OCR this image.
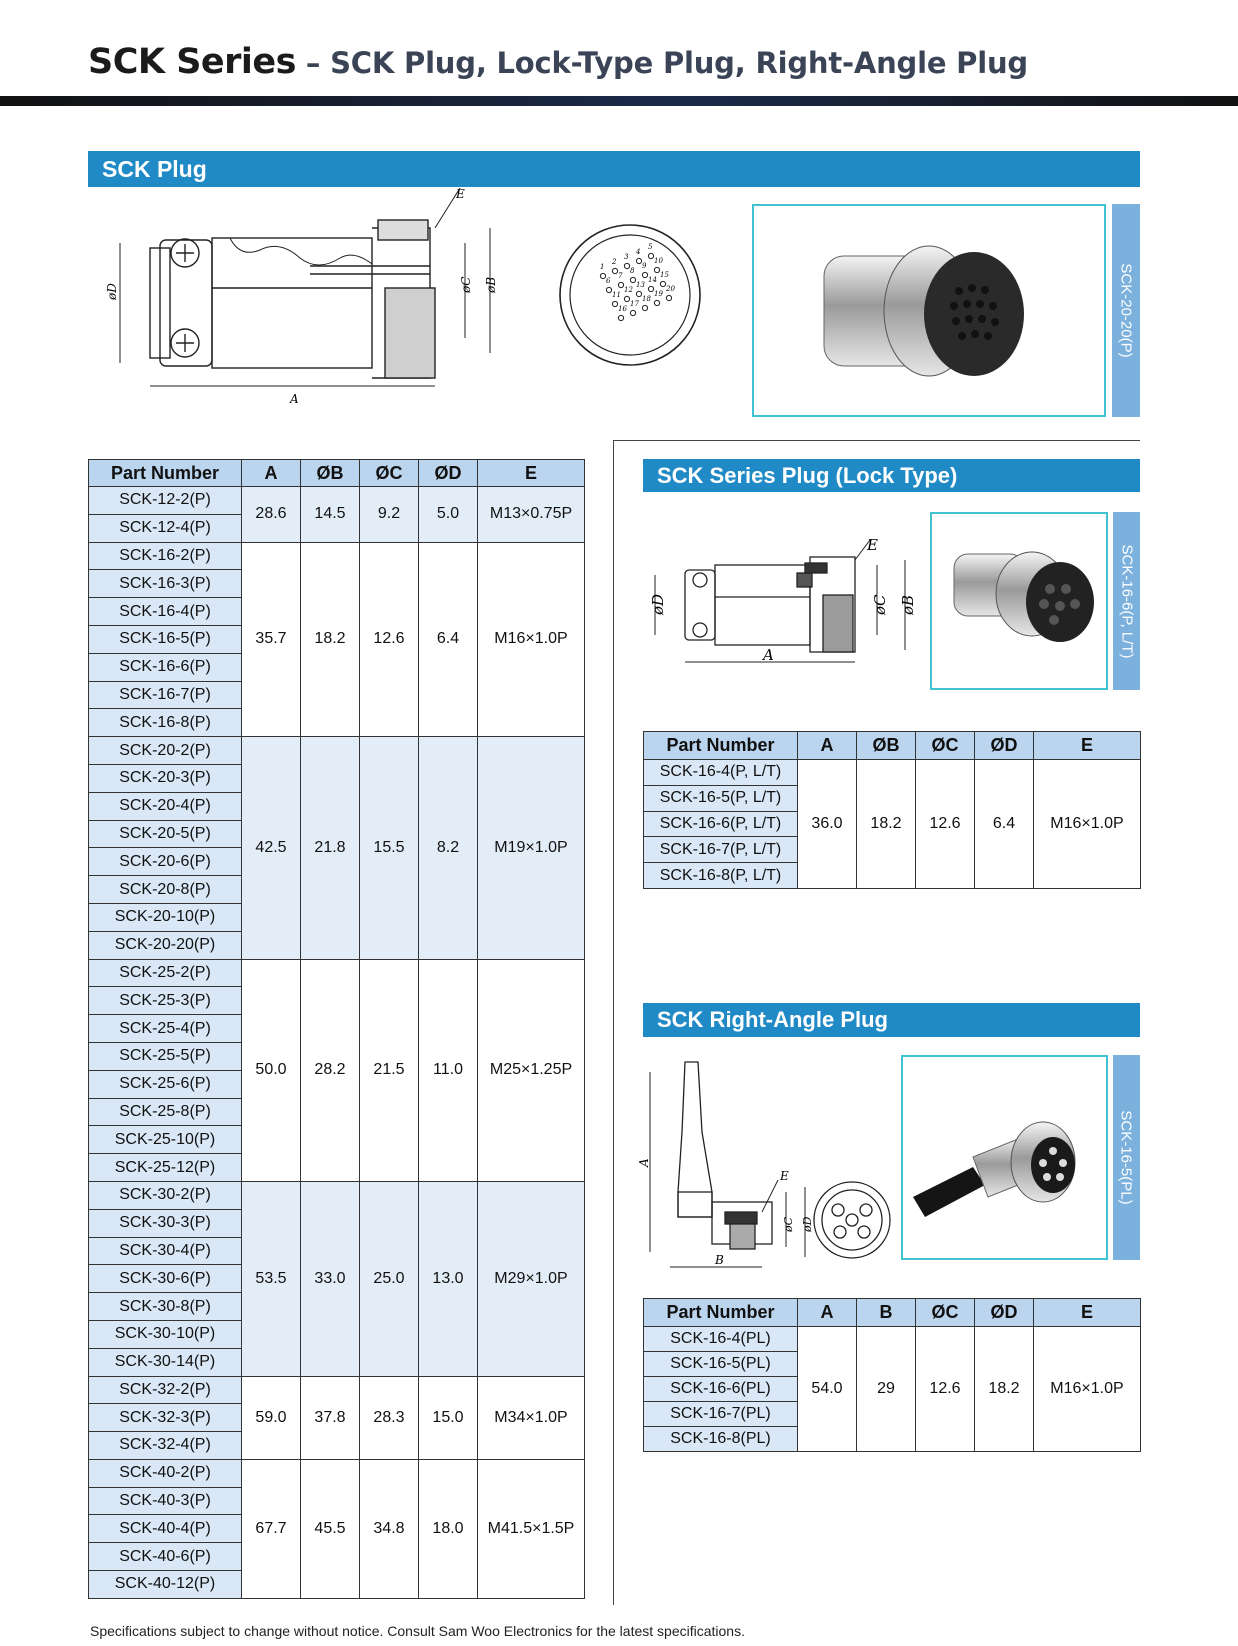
SCK Series – SCK Plug, Lock-Type Plug, Right-Angle Plug
SCK Plug
øD	øC øB
A
E
1
2
3
4
5
6
7
8
9
10
11
12
13
14
15
16
17
18
19
20	SCK-20-20(P)
Part Number	A	ØB	ØC	ØD	E
SCK-12-2(P)	28.6	14.5	9.2	5.0	M13×0.75P
SCK-12-4(P)					
SCK-16-2(P)	35.7	18.2	12.6	6.4	M16×1.0P
SCK-16-3(P)					
SCK-16-4(P)					
SCK-16-5(P)					
SCK-16-6(P)					
SCK-16-7(P)					
SCK-16-8(P)					
SCK-20-2(P)	42.5	21.8	15.5	8.2	M19×1.0P
SCK-20-3(P)					
SCK-20-4(P)					
SCK-20-5(P)					
SCK-20-6(P)					
SCK-20-8(P)					
SCK-20-10(P)					
SCK-20-20(P)					
SCK-25-2(P)	50.0	28.2	21.5	11.0	M25×1.25P
SCK-25-3(P)					
SCK-25-4(P)					
SCK-25-5(P)					
SCK-25-6(P)					
SCK-25-8(P)					
SCK-25-10(P)					
SCK-25-12(P)					
SCK-30-2(P)	53.5	33.0	25.0	13.0	M29×1.0P
SCK-30-3(P)					
SCK-30-4(P)					
SCK-30-6(P)					
SCK-30-8(P)					
SCK-30-10(P)					
SCK-30-14(P)					
SCK-32-2(P)	59.0	37.8	28.3	15.0	M34×1.0P
SCK-32-3(P)					
SCK-32-4(P)					
SCK-40-2(P)	67.7	45.5	34.8	18.0	M41.5×1.5P
SCK-40-3(P)					
SCK-40-4(P)					
SCK-40-6(P)					
SCK-40-12(P)					
SCK Series Plug (Lock Type)
øD	øC øB
A
E	SCK-16-6(P, L/T)
Part Number	A	ØB	ØC	ØD	E
SCK-16-4(P, L/T)	36.0	18.2	12.6	6.4	M16×1.0P
SCK-16-5(P, L/T)					
SCK-16-6(P, L/T)					
SCK-16-7(P, L/T)					
SCK-16-8(P, L/T)					
SCK Right-Angle Plug
A
B
øC øD
E	SCK-16-5(PL)
Part Number	A	B	ØC	ØD	E
SCK-16-4(PL)	54.0	29	12.6	18.2	M16×1.0P
SCK-16-5(PL)					
SCK-16-6(PL)					
SCK-16-7(PL)					
SCK-16-8(PL)					
Specifications subject to change without notice. Consult Sam Woo Electronics for the latest specifications.
